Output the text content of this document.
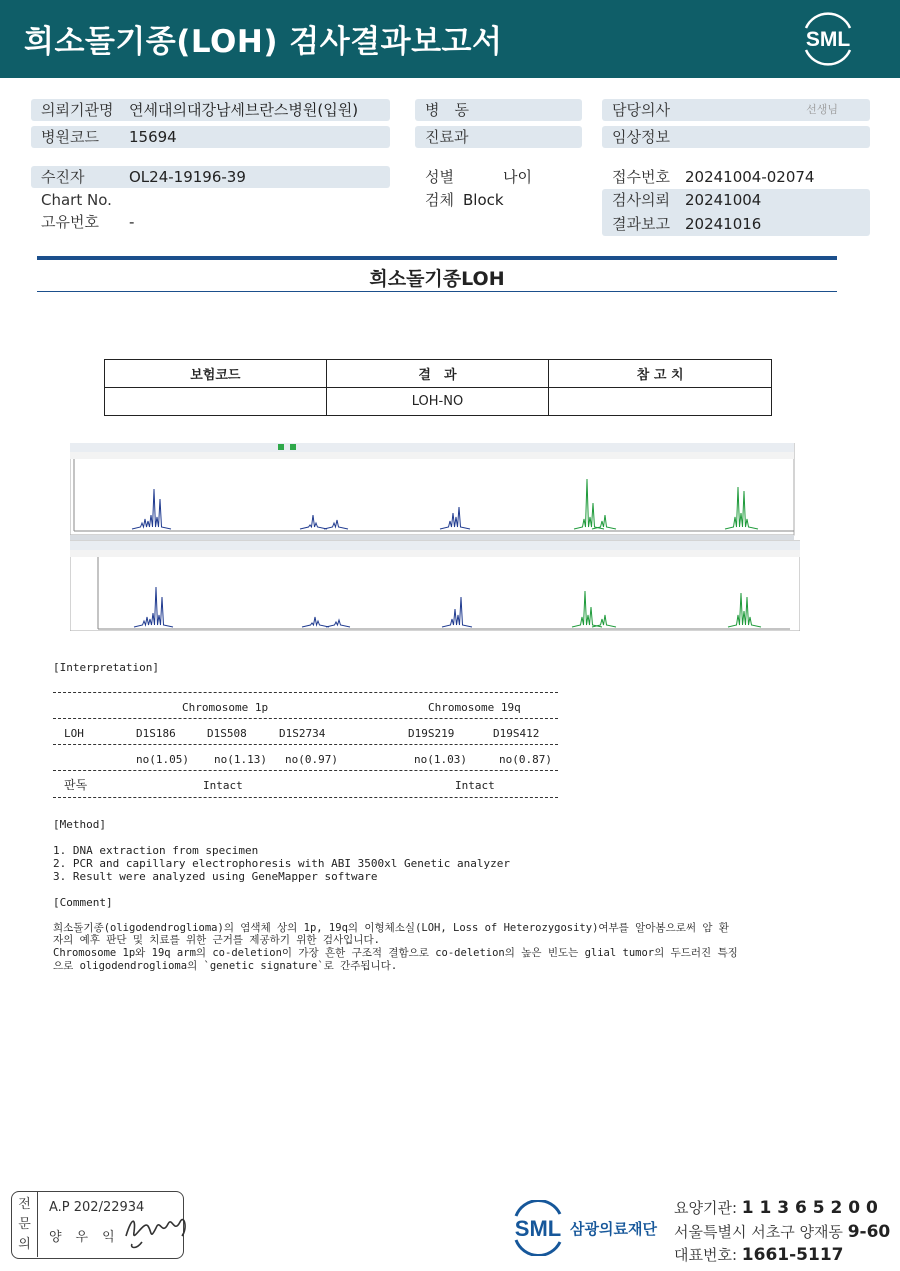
희소돌기종(LOH) 검사결과보고서	SML
의뢰기관명 연세대의대강남세브란스병원(입원)
병원코드 15694
수진자	OL24-19196-39
Chart No.
고유번호 -
병　동
진료과
성별	나이
검체 Block
담당의사	선생님
임상정보
접수번호 20241004-02074
검사의뢰 20241004
결과보고 20241016
희소돌기종LOH
보험코드	결　과	참 고 치
	LOH-NO	
[Interpretation]
Chromosome 1p	Chromosome 19q
LOH	D1S186	D1S508	D1S2734	D19S219	D19S412
no(1.05) no(1.13) no(0.97)	no(1.03)	no(0.87)
판독	Intact	Intact
[Method]
1. DNA extraction from specimen
2. PCR and capillary electrophoresis with ABI 3500xl Genetic analyzer
3. Result were analyzed using GeneMapper software
[Comment]
희소돌기종(oligodendroglioma)의 염색체 상의 1p, 19q의 이형체소실(LOH, Loss of Heterozygosity)여부를 알아봄으로써 암 환
자의 예후 판단 및 치료를 위한 근거를 제공하기 위한 검사입니다.
Chromosome 1p와 19q arm의 co-deletion이 가장 흔한 구조적 결함으로 co-deletion의 높은 빈도는 glial tumor의 두드러진 특징
으로 oligodendroglioma의 `genetic signature`로 간주됩니다.
전
문
의
A.P 202/22934
양우익	SML 삼광의료재단
요양기관: 1 1 3 6 5 2 0 0
서울특별시 서초구 양재동 9-60
대표번호: 1661-5117
